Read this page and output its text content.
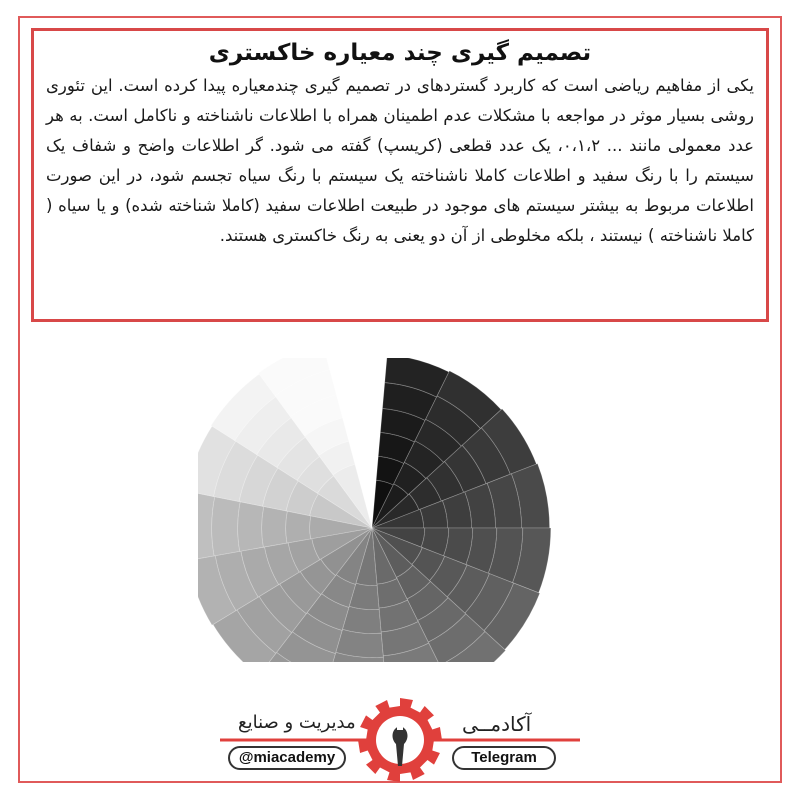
تصمیم گیری چند معیاره خاکستری

یکی از مفاهیم ریاضی است که کاربرد گستردهای در تصمیم گیری چندمعیاره پیدا کرده است. این تئوری روشی بسیار موثر در مواجعه با مشکلات عدم اطمینان همراه با اطلاعات ناشناخته و ناکامل است. به هر عدد معمولی مانند ... ۰،۱،۲، یک عدد قطعی (کریسپ) گفته می شود. گر اطلاعات واضح و شفاف یک سیستم را با رنگ سفید و اطلاعات کاملا ناشناخته یک سیستم با رنگ سیاه تجسم شود، در این صورت اطلاعات مربوط به بیشتر سیستم های موجود در طبیعت اطلاعات سفید (کاملا شناخته شده) و یا سیاه ( کاملا ناشناخته ) نیستند ، بلکه مخلوطی از آن دو یعنی به رنگ خاکستری هستند.

آکادمــی
مدیریت و صنایع
@miacademy	Telegram
